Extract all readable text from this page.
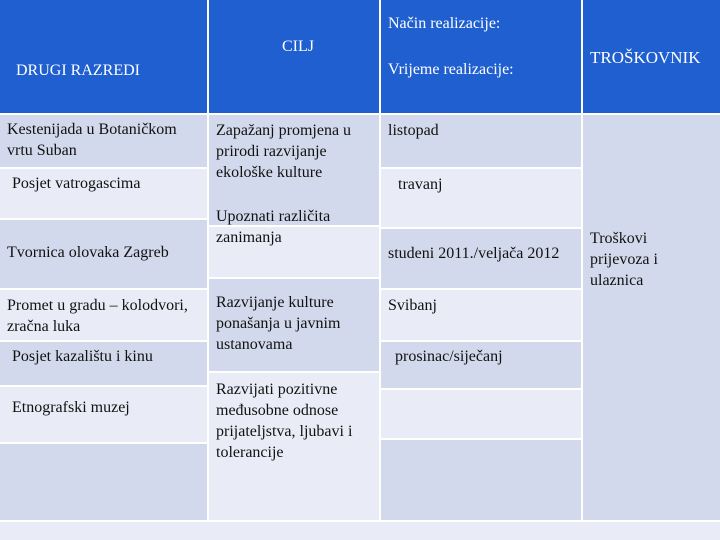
DRUGI RAZREDI
CILJ
Način realizacije:
Vrijeme realizacije:
TROŠKOVNIK
Kestenijada u Botaničkom vrtu Suban
Posjet vatrogascima
Tvornica olovaka Zagreb
Promet u gradu – kolodvori, zračna luka
Posjet kazalištu i kinu
Etnografski muzej
Zapažanj promjena u prirodi razvijanje ekološke kulture
Upoznati različita zanimanja
Razvijanje kulture ponašanja u javnim ustanovama
Razvijati pozitivne međusobne odnose prijateljstva, ljubavi i tolerancije
listopad
travanj
studeni 2011./veljača 2012
Svibanj
prosinac/siječanj
Troškovi prijevoza i ulaznica
